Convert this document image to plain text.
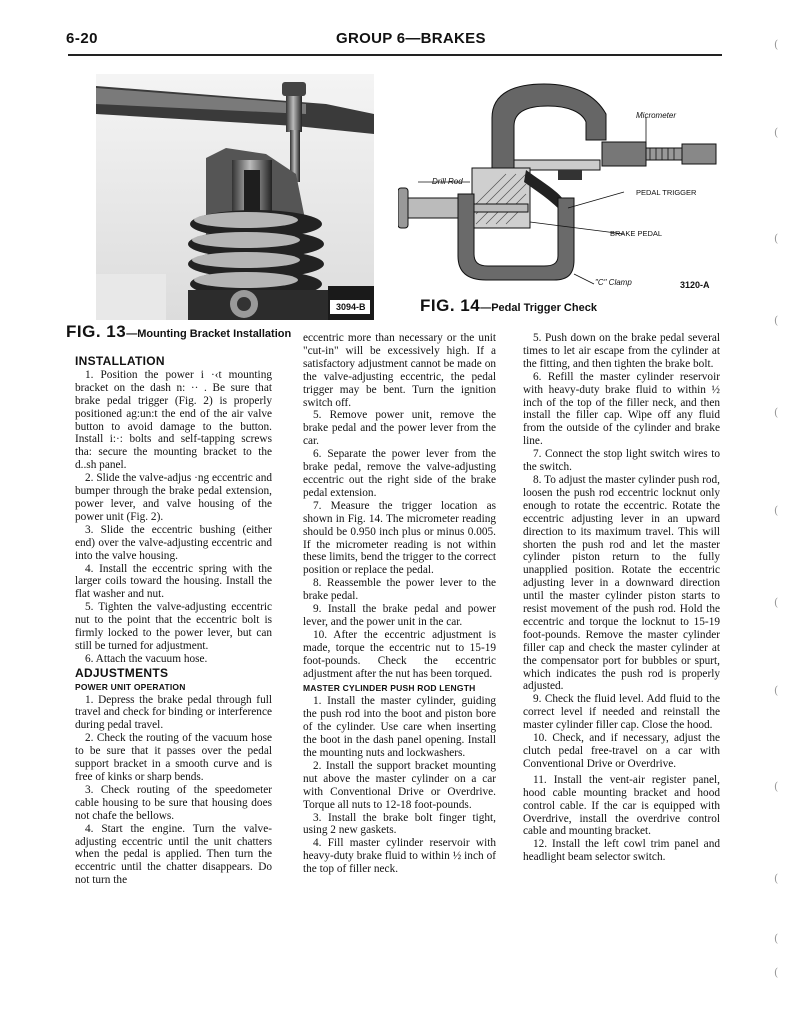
6-20	GROUP 6—BRAKES
3094-B
Micrometer
Drill Rod
PEDAL TRIGGER
BRAKE PEDAL
"C" Clamp	3120-A
FIG. 13—Mounting Bracket Installation
FIG. 14—Pedal Trigger Check
INSTALLATION

1. Position the power i ·‹t mounting bracket on the dash n: ·· . Be sure that brake pedal trigger (Fig. 2) is properly positioned ag:un:t the end of the air valve button to avoid damage to the button. Install i:·: bolts and self-tapping screws tha: secure the mounting bracket to the d..sh panel.

2. Slide the valve-adjus ·ng eccentric and bumper through the brake pedal extension, power lever, and valve housing of the power unit (Fig. 2).

3. Slide the eccentric bushing (either end) over the valve-adjusting eccentric and into the valve housing.

4. Install the eccentric spring with the larger coils toward the housing. Install the flat washer and nut.

5. Tighten the valve-adjusting eccentric nut to the point that the eccentric bolt is firmly locked to the power lever, but can still be turned for adjustment.

6. Attach the vacuum hose.

ADJUSTMENTS
POWER UNIT OPERATION

1. Depress the brake pedal through full travel and check for binding or interference during pedal travel.

2. Check the routing of the vacuum hose to be sure that it passes over the pedal support bracket in a smooth curve and is free of kinks or sharp bends.

3. Check routing of the speedometer cable housing to be sure that housing does not chafe the bellows.

4. Start the engine. Turn the valve-adjusting eccentric until the unit chatters when the pedal is applied. Then turn the eccentric until the chatter disappears. Do not turn the

eccentric more than necessary or the unit "cut-in" will be excessively high. If a satisfactory adjustment cannot be made on the valve-adjusting eccentric, the pedal trigger may be bent. Turn the ignition switch off.

5. Remove power unit, remove the brake pedal and the power lever from the car.

6. Separate the power lever from the brake pedal, remove the valve-adjusting eccentric out the right side of the brake pedal extension.

7. Measure the trigger location as shown in Fig. 14. The micrometer reading should be 0.950 inch plus or minus 0.005. If the micrometer reading is not within these limits, bend the trigger to the correct position or replace the pedal.

8. Reassemble the power lever to the brake pedal.

9. Install the brake pedal and power lever, and the power unit in the car.

10. After the eccentric adjustment is made, torque the eccentric nut to 15-19 foot-pounds. Check the eccentric adjustment after the nut has been torqued.

MASTER CYLINDER PUSH ROD LENGTH

1. Install the master cylinder, guiding the push rod into the boot and piston bore of the cylinder. Use care when inserting the boot in the dash panel opening. Install the mounting nuts and lockwashers.

2. Install the support bracket mounting nut above the master cylinder on a car with Conventional Drive or Overdrive. Torque all nuts to 12-18 foot-pounds.

3. Install the brake bolt finger tight, using 2 new gaskets.

4. Fill master cylinder reservoir with heavy-duty brake fluid to within ½ inch of the top of filler neck.

5. Push down on the brake pedal several times to let air escape from the cylinder at the fitting, and then tighten the brake bolt.

6. Refill the master cylinder reservoir with heavy-duty brake fluid to within ½ inch of the top of the filler neck, and then install the filler cap. Wipe off any fluid from the outside of the cylinder and brake line.

7. Connect the stop light switch wires to the switch.

8. To adjust the master cylinder push rod, loosen the push rod eccentric locknut only enough to rotate the eccentric. Rotate the eccentric adjusting lever in an upward direction to its maximum travel. This will shorten the push rod and let the master cylinder piston return to the fully unapplied position. Rotate the eccentric adjusting lever in a downward direction until the master cylinder piston starts to resist movement of the push rod. Hold the eccentric and torque the locknut to 15-19 foot-pounds. Remove the master cylinder filler cap and check the master cylinder at the compensator port for bubbles or spurt, which indicates the push rod is properly adjusted.

9. Check the fluid level. Add fluid to the correct level if needed and reinstall the master cylinder filler cap. Close the hood.

10. Check, and if necessary, adjust the clutch pedal free-travel on a car with Conventional Drive or Overdrive.

11. Install the vent-air register panel, hood cable mounting bracket and hood control cable. If the car is equipped with Overdrive, install the overdrive control cable and mounting bracket.

12. Install the left cowl trim panel and headlight beam selector switch.

(
(
(
(
(
(
(
(
(
(
(
(
